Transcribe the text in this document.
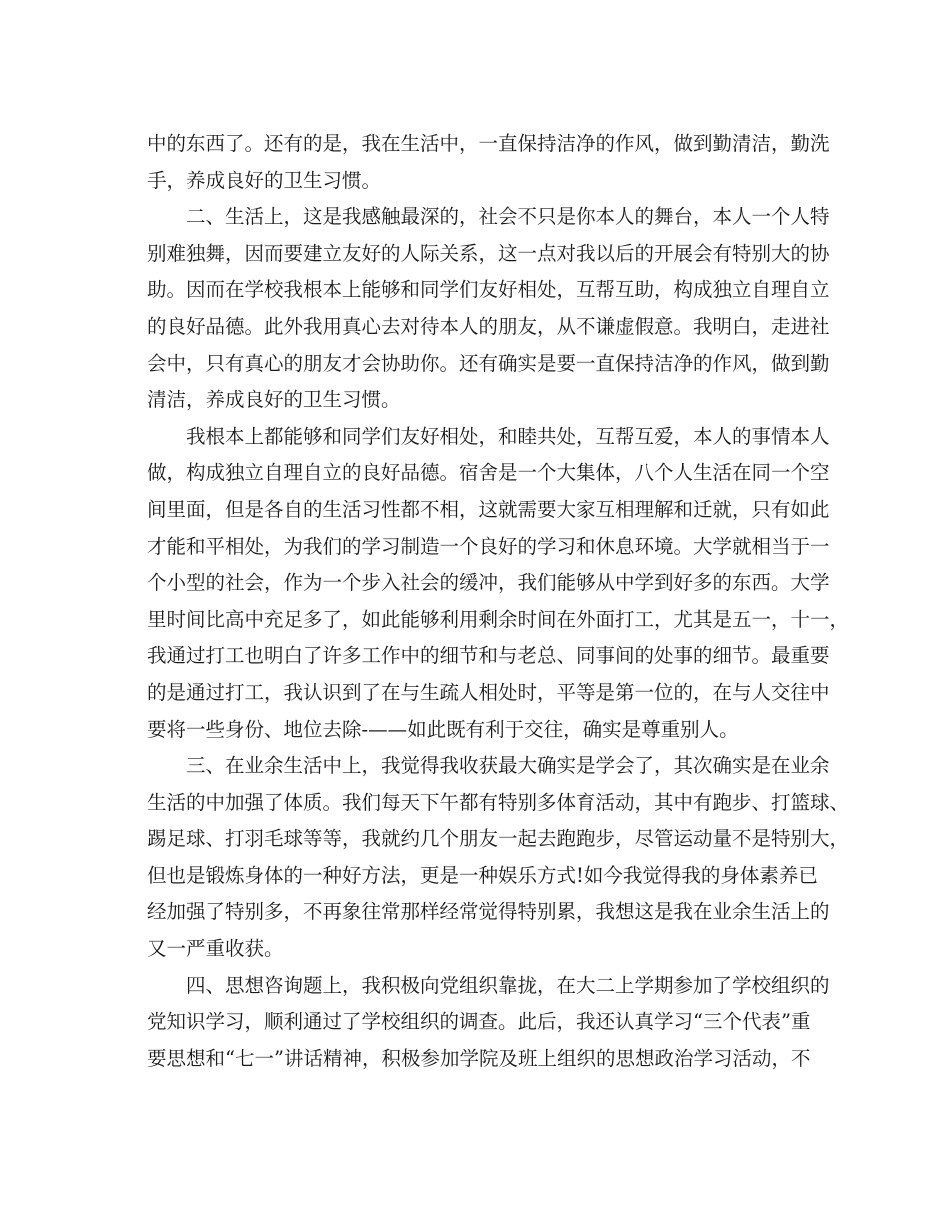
中的东西了。还有的是，我在生活中，一直保持洁净的作风，做到勤清洁，勤洗
手，养成良好的卫生习惯。
二、生活上，这是我感触最深的，社会不只是你本人的舞台，本人一个人特
别难独舞，因而要建立友好的人际关系，这一点对我以后的开展会有特别大的协
助。因而在学校我根本上能够和同学们友好相处，互帮互助，构成独立自理自立
的良好品德。此外我用真心去对待本人的朋友，从不谦虚假意。我明白，走进社
会中，只有真心的朋友才会协助你。还有确实是要一直保持洁净的作风，做到勤
清洁，养成良好的卫生习惯。
我根本上都能够和同学们友好相处，和睦共处，互帮互爱，本人的事情本人
做，构成独立自理自立的良好品德。宿舍是一个大集体，八个人生活在同一个空
间里面，但是各自的生活习性都不相，这就需要大家互相理解和迁就，只有如此
才能和平相处，为我们的学习制造一个良好的学习和休息环境。大学就相当于一
个小型的社会，作为一个步入社会的缓冲，我们能够从中学到好多的东西。大学
里时间比高中充足多了，如此能够利用剩余时间在外面打工，尤其是五一，十一，
我通过打工也明白了许多工作中的细节和与老总、同事间的处事的细节。最重要
的是通过打工，我认识到了在与生疏人相处时，平等是第一位的，在与人交往中
要将一些身份、地位去除-——如此既有利于交往，确实是尊重别人。
三、在业余生活中上，我觉得我收获最大确实是学会了，其次确实是在业余
生活的中加强了体质。我们每天下午都有特别多体育活动，其中有跑步、打篮球、
踢足球、打羽毛球等等，我就约几个朋友一起去跑跑步，尽管运动量不是特别大，
但也是锻炼身体的一种好方法，更是一种娱乐方式!如今我觉得我的身体素养已
经加强了特别多，不再象往常那样经常觉得特别累，我想这是我在业余生活上的
又一严重收获。
四、思想咨询题上，我积极向党组织靠拢，在大二上学期参加了学校组织的
党知识学习，顺利通过了学校组织的调查。此后，我还认真学习“三个代表”重
要思想和“七一”讲话精神，积极参加学院及班上组织的思想政治学习活动，不
